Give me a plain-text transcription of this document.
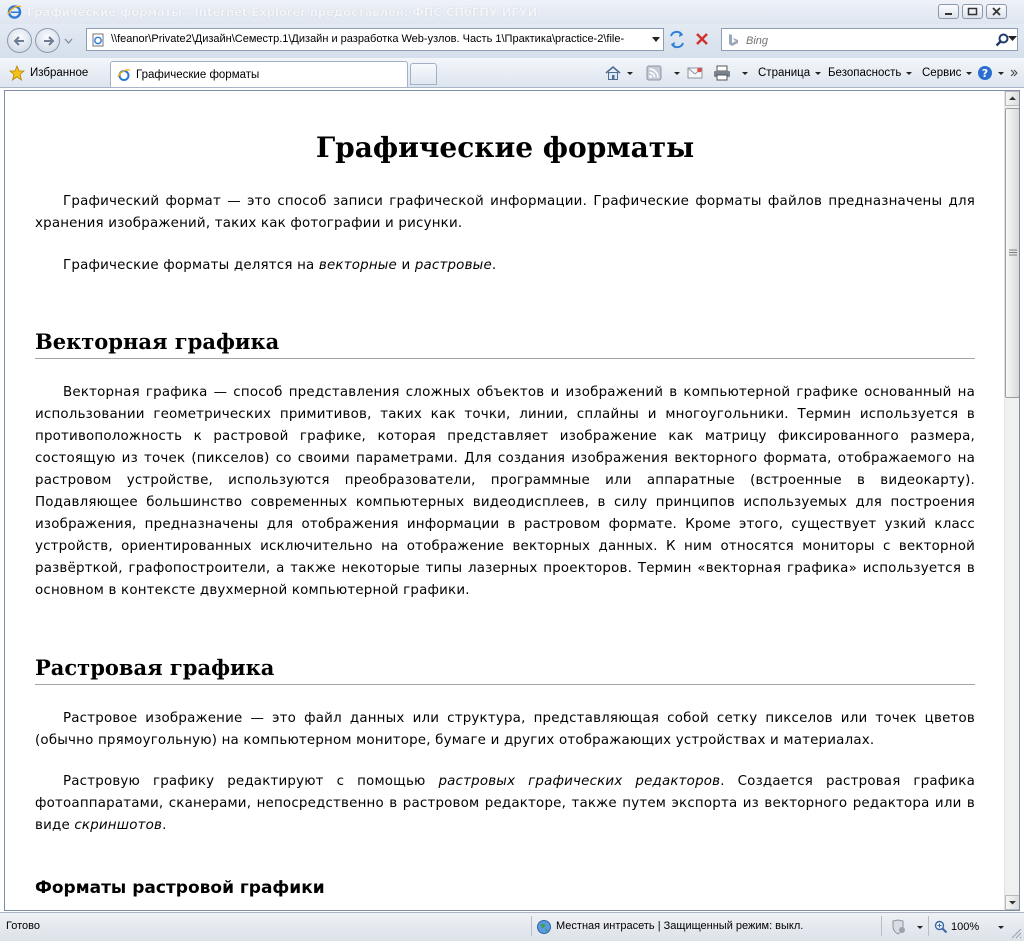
Графические форматы - Internet Explorer предоставлен: ФПС СПбГПУ ИГУИ
\\feanor\Private2\Дизайн\Семестр.1\Дизайн и разработка Web-узлов. Часть 1\Практика\practice-2\file-
Bing
Избранное	Графические форматы	Страница Безопасность Сервис ?
Графические форматы

Графический формат — это способ записи графической информации. Графические форматы файлов предназначены для хранения изображений, таких как фотографии и рисунки.

Графические форматы делятся на векторные и растровые.

Векторная графика

Векторная графика — способ представления сложных объектов и изображений в компьютерной графике основанный на использовании геометрических примитивов, таких как точки, линии, сплайны и многоугольники. Термин используется в противоположность к растровой графике, которая представляет изображение как матрицу фиксированного размера, состоящую из точек (пикселов) со своими параметрами. Для создания изображения векторного формата, отображаемого на растровом устройстве, используются преобразователи, программные или аппаратные (встроенные в видеокарту). Подавляющее большинство современных компьютерных видеодисплеев, в силу принципов используемых для построения изображения, предназначены для отображения информации в растровом формате. Кроме этого, существует узкий класс устройств, ориентированных исключительно на отображение векторных данных. К ним относятся мониторы с векторной развёрткой, графопостроители, а также некоторые типы лазерных проекторов. Термин «векторная графика» используется в основном в контексте двухмерной компьютерной графики.

Растровая графика

Растровое изображение — это файл данных или структура, представляющая собой сетку пикселов или точек цветов (обычно прямоугольную) на компьютерном мониторе, бумаге и других отображающих устройствах и материалах.

Растровую графику редактируют с помощью растровых графических редакторов. Создается растровая графика фотоаппаратами, сканерами, непосредственно в растровом редакторе, также путем экспорта из векторного редактора или в виде скриншотов.

Форматы растровой графики
Готово	Местная интрасеть | Защищенный режим: выкл.	100%
